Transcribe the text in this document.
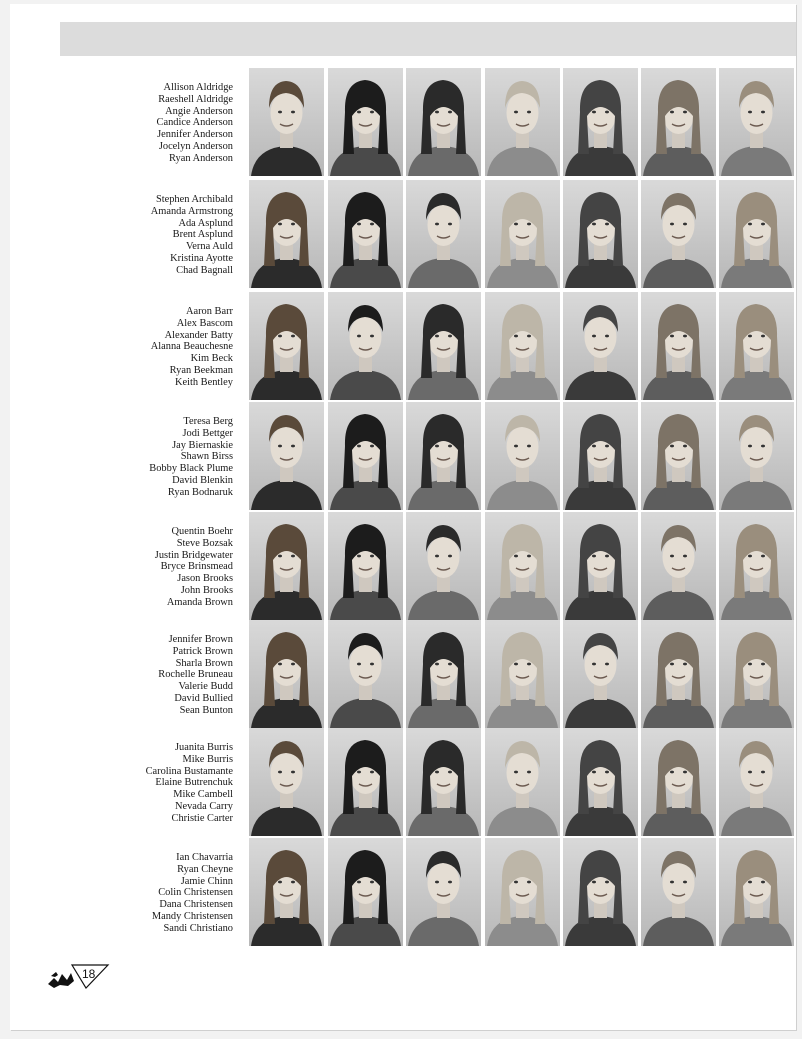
Allison Aldridge
Raeshell Aldridge
Angie Anderson
Candice Anderson
Jennifer Anderson
Jocelyn Anderson
Ryan Anderson
Stephen Archibald
Amanda Armstrong
Ada Asplund
Brent Asplund
Verna Auld
Kristina Ayotte
Chad Bagnall
Aaron Barr
Alex Bascom
Alexander Batty
Alanna Beauchesne
Kim Beck
Ryan Beekman
Keith Bentley
Teresa Berg
Jodi Bettger
Jay Biernaskie
Shawn Birss
Bobby Black Plume
David Blenkin
Ryan Bodnaruk
Quentin Boehr
Steve Bozsak
Justin Bridgewater
Bryce Brinsmead
Jason Brooks
John Brooks
Amanda Brown
Jennifer Brown
Patrick Brown
Sharla Brown
Rochelle Bruneau
Valerie Budd
David Bullied
Sean Bunton
Juanita Burris
Mike Burris
Carolina Bustamante
Elaine Butrenchuk
Mike Cambell
Nevada Carry
Christie Carter
Ian Chavarria
Ryan Cheyne
Jamie Chinn
Colin Christensen
Dana Christensen
Mandy Christensen
Sandi Christiano
18
